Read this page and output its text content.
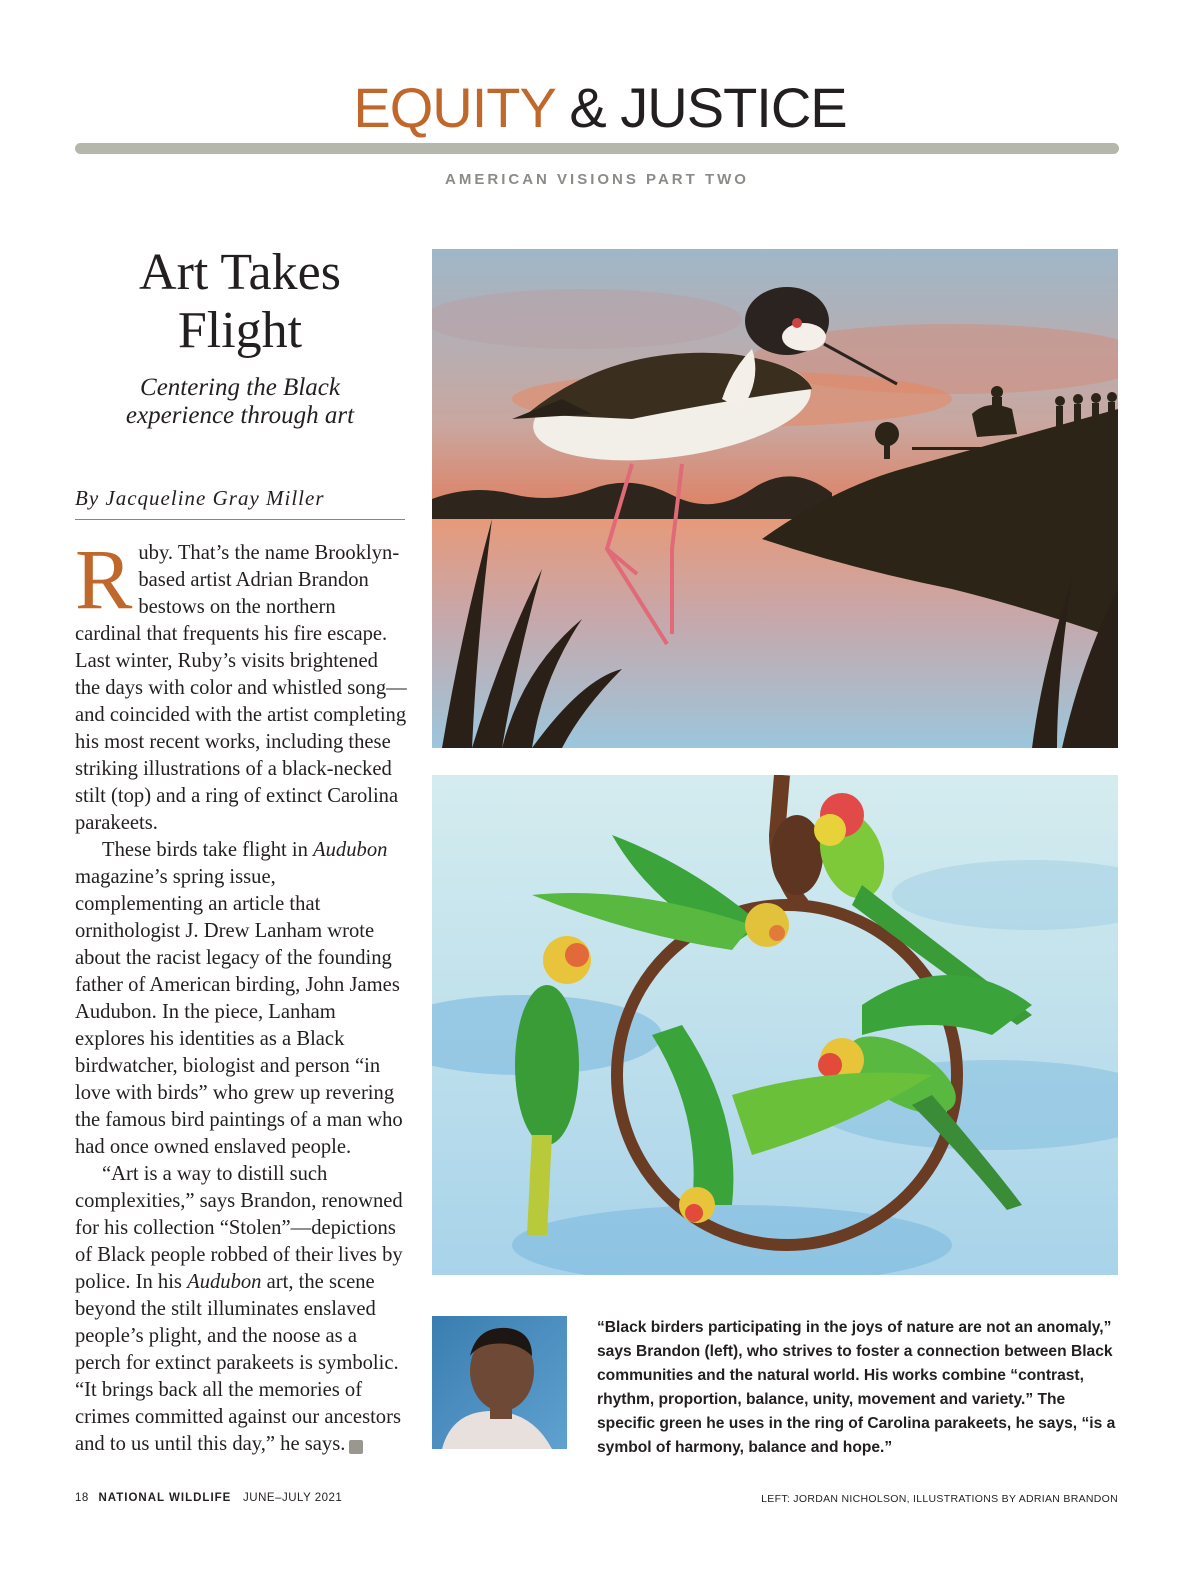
EQUITY & JUSTICE
AMERICAN VISIONS PART TWO
Art Takes
Flight
Centering the Black
experience through art
By Jacqueline Gray Miller

Ruby. That’s the name Brooklyn-based artist Adrian Brandon bestows on the northern cardinal that frequents his fire escape. Last winter, Ruby’s visits brightened the days with color and whistled song—and coincided with the artist completing his most recent works, including these striking illustrations of a black-necked stilt (top) and a ring of extinct Carolina parakeets.

These birds take flight in Audubon magazine’s spring issue, complementing an article that ornithologist J. Drew Lanham wrote about the racist legacy of the founding father of American birding, John James Audubon. In the piece, Lanham explores his identities as a Black birdwatcher, biologist and person “in love with birds” who grew up revering the famous bird paintings of a man who had once owned enslaved people.

“Art is a way to distill such complexities,” says Brandon, renowned for his collection “Stolen”—depictions of Black people robbed of their lives by police. In his Audubon art, the scene beyond the stilt illuminates enslaved people’s plight, and the noose as a perch for extinct parakeets is symbolic. “It brings back all the memories of crimes committed against our ancestors and to us until this day,” he says.	W

“Black birders participating in the joys of nature are not an anomaly,” says Brandon (left), who strives to foster a connection between Black communities and the natural world. His works combine “contrast, rhythm, proportion, balance, unity, movement and variety.” The specific green he uses in the ring of Carolina parakeets, he says, “is a symbol of harmony, balance and hope.”
18 NATIONAL WILDLIFE JUNE–JULY 2021	LEFT: JORDAN NICHOLSON, ILLUSTRATIONS BY ADRIAN BRANDON
